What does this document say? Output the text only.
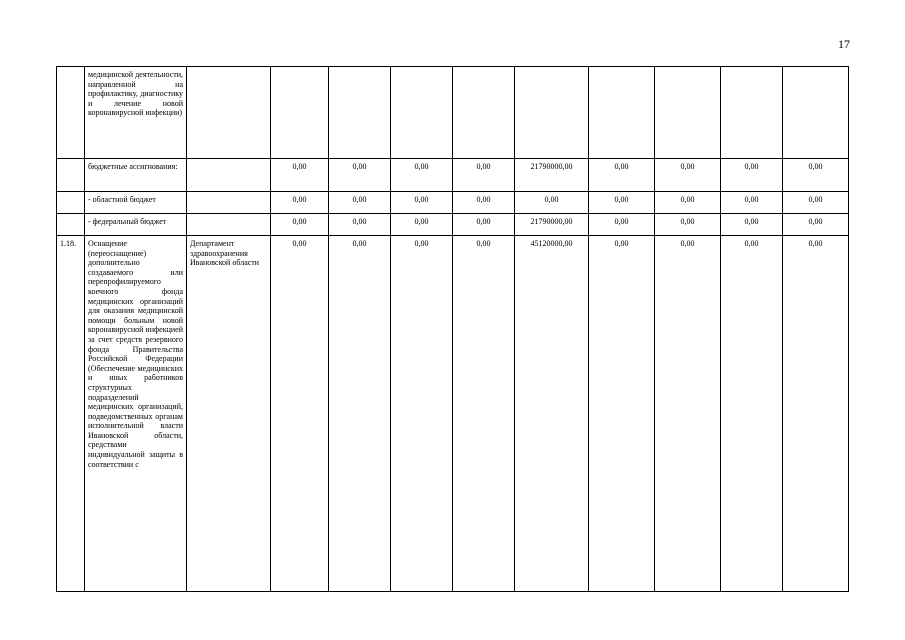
17
	медицинской деятельности, направленной на профилактику, диагностику и лечение новой коронавирусной инфекции)										
	бюджетные ассигнования:		0,00	0,00	0,00	0,00	21790000,00	0,00	0,00	0,00	0,00
	- областной бюджет		0,00	0,00	0,00	0,00	0,00	0,00	0,00	0,00	0,00
	- федеральный бюджет		0,00	0,00	0,00	0,00	21790000,00	0,00	0,00	0,00	0,00
1.18.	Оснащение (переоснащение) дополнительно создаваемого или перепрофилируемого коечного фонда медицинских организаций для оказания медицинской помощи больным новой коронавирусной инфекцией за счет средств резервного фонда Правительства Российской Федерации (Обеспечение медицинских и иных работников структурных подразделений медицинских организаций, подведомственных органам исполнительной власти Ивановской области, средствами индивидуальной защиты в соответствии с	Департамент здравоохранения Ивановской области	0,00	0,00	0,00	0,00	45120000,00	0,00	0,00	0,00	0,00
